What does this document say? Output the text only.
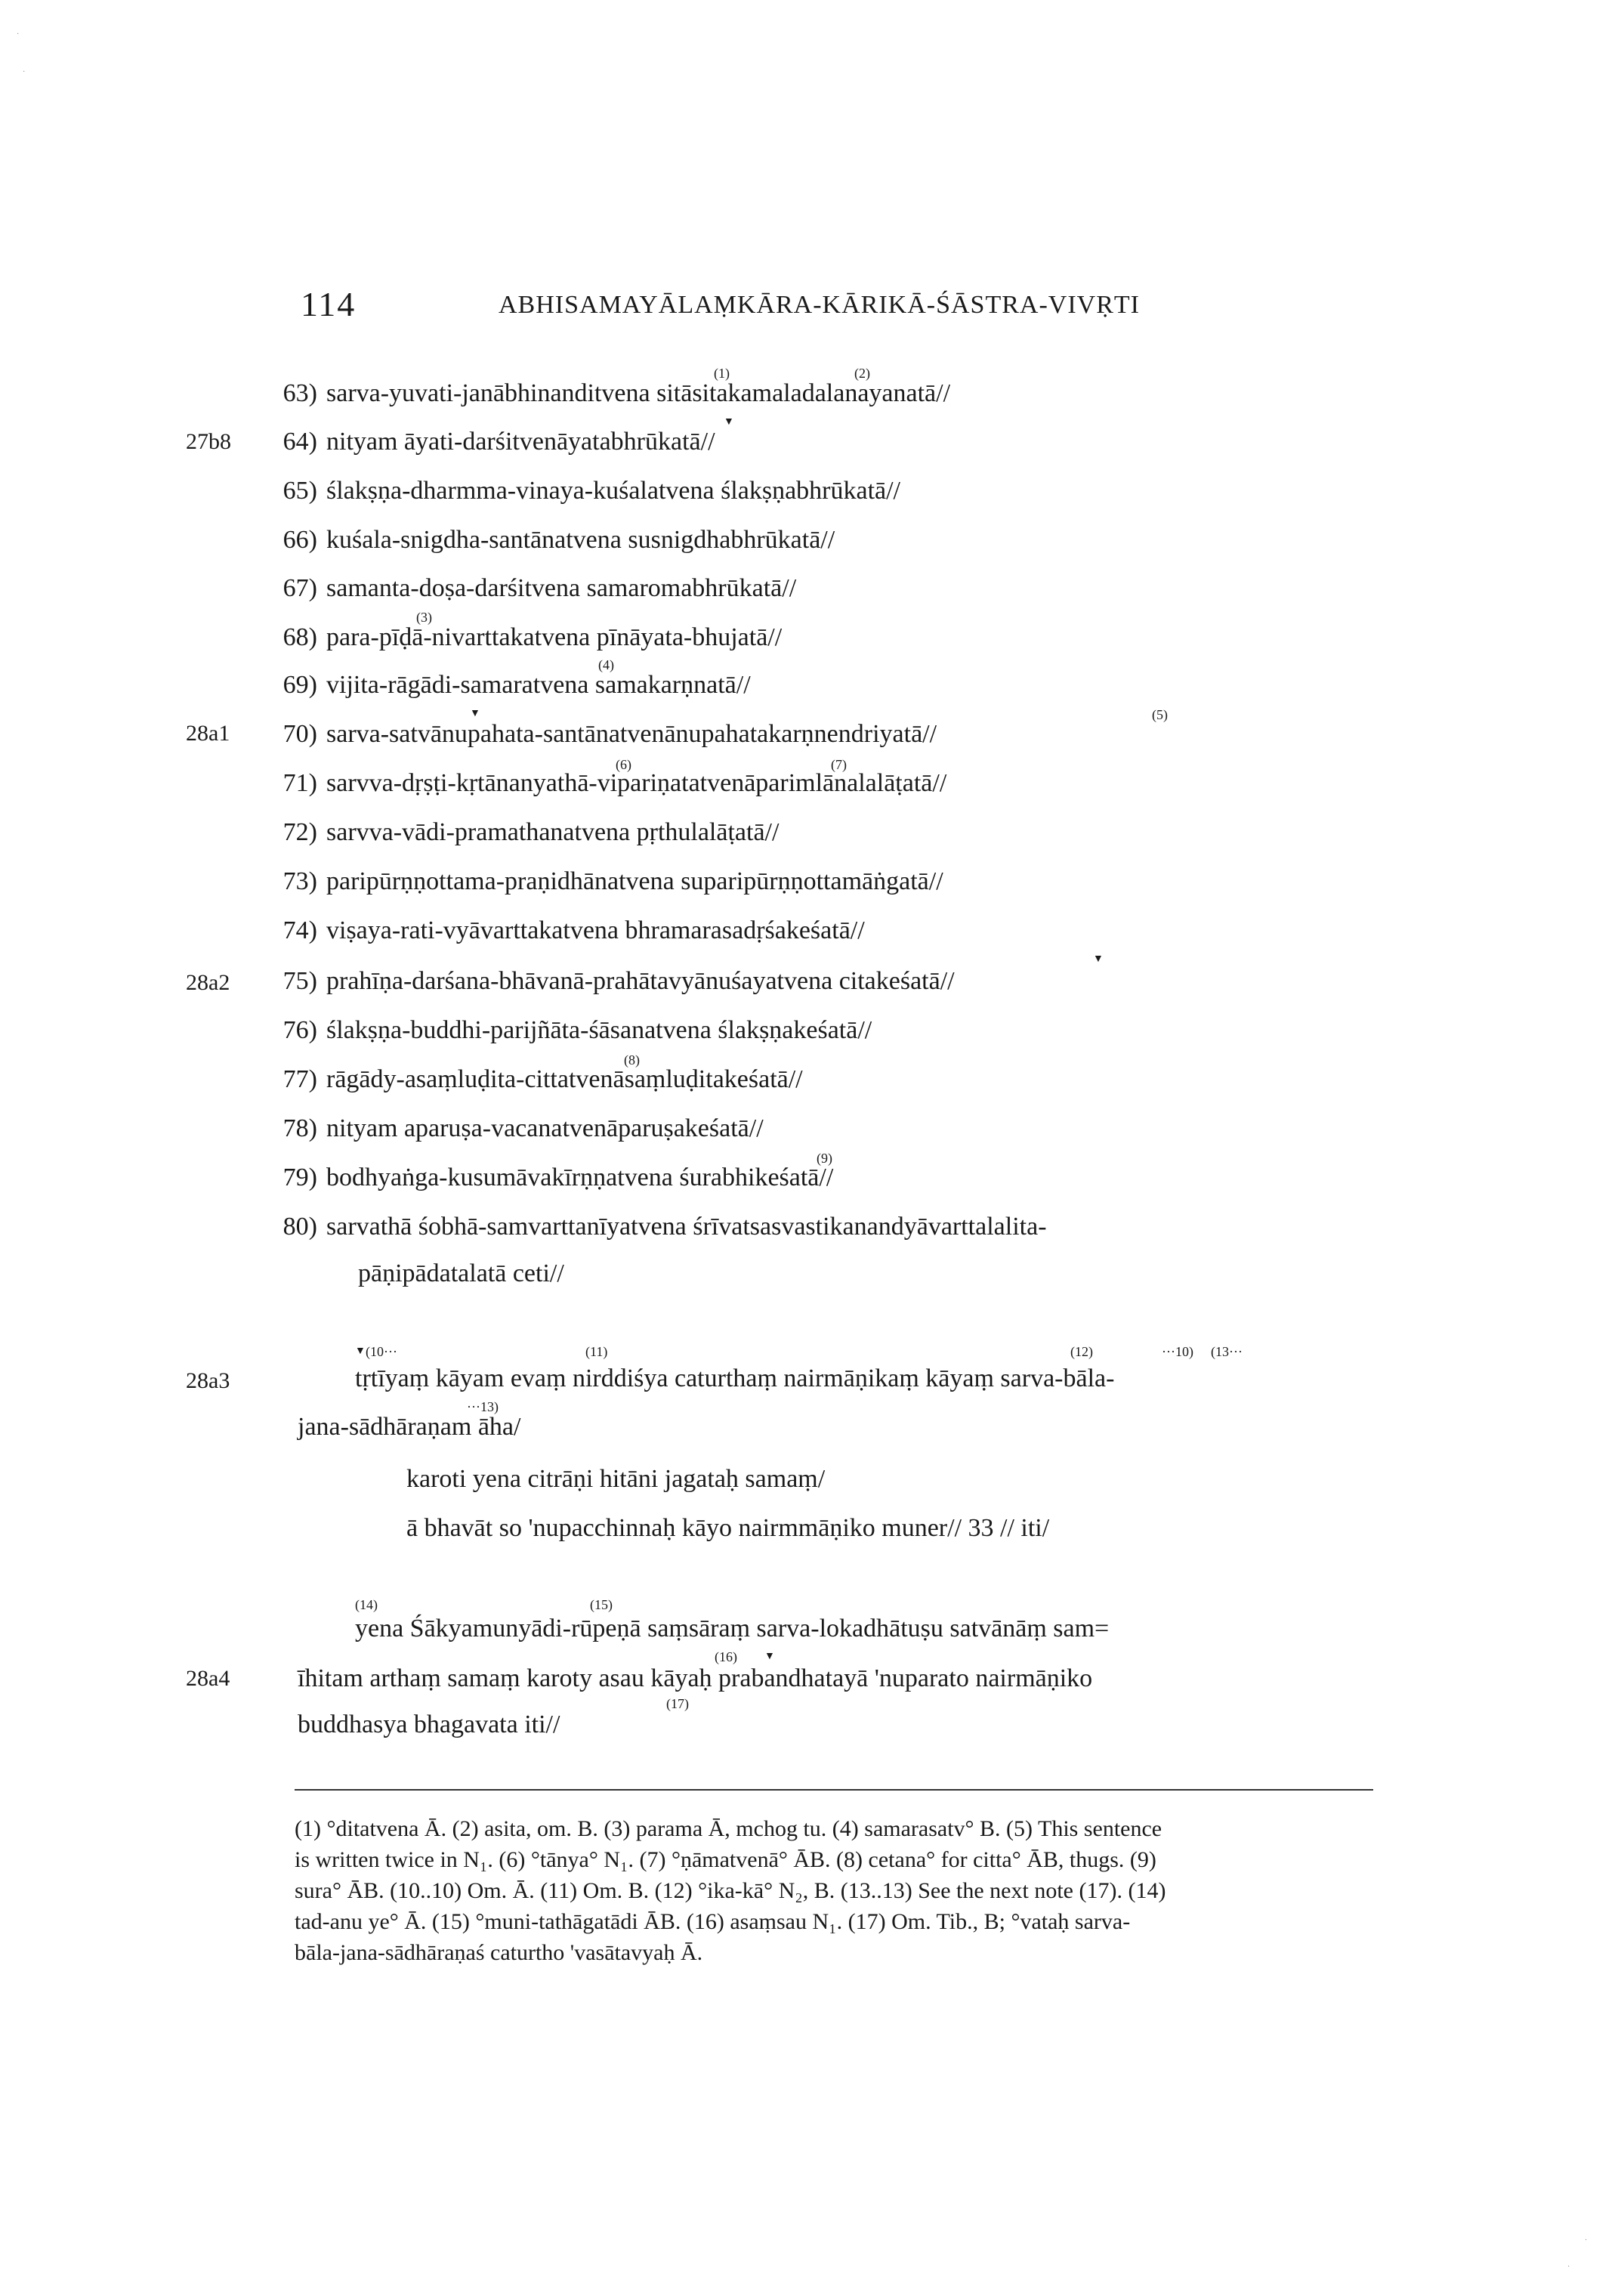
114	ABHISAMAYĀLAṂKĀRA-KĀRIKĀ-ŚĀSTRA-VIVṚTI
27b8
28a1
28a2
28a3
28a4
63) sarva-yuvati-janābhinanditvena sitāsitakamaladalanayanatā//
64) nityam āyati-darśitvenāyatabhrūkatā//
65) ślakṣṇa-dharmma-vinaya-kuśalatvena ślakṣṇabhrūkatā//
66) kuśala-snigdha-santānatvena susnigdhabhrūkatā//
67) samanta-doṣa-darśitvena samaromabhrūkatā//
68) para-pīḍā-nivarttakatvena pīnāyata-bhujatā//
69) vijita-rāgādi-samaratvena samakarṇnatā//
70) sarva-satvānupahata-santānatvenānupahatakarṇnendriyatā//
71) sarvva-dṛṣṭi-kṛtānanyathā-vipariṇatatvenāparimlānalalāṭatā//
72) sarvva-vādi-pramathanatvena pṛthulalāṭatā//
73) paripūrṇṇottama-praṇidhānatvena suparipūrṇṇottamāṅgatā//
74) viṣaya-rati-vyāvarttakatvena bhramarasadṛśakeśatā//
75) prahīṇa-darśana-bhāvanā-prahātavyānuśayatvena citakeśatā//
76) ślakṣṇa-buddhi-parijñāta-śāsanatvena ślakṣṇakeśatā//
77) rāgādy-asaṃluḍita-cittatvenāsaṃluḍitakeśatā//
78) nityam aparuṣa-vacanatvenāparuṣakeśatā//
79) bodhyaṅga-kusumāvakīrṇṇatvena śurabhikeśatā//
80) sarvathā śobhā-samvarttanīyatvena śrīvatsasvastikanandyāvarttalalita-
pāṇipādatalatā ceti//
(1)	(2)
▼
(3)
(4)
▼	(5)
(6)	(7)
▼
(8)
(9)
▼ (10···	(11)	(12)	···10) (13···
tṛtīyaṃ kāyam evaṃ nirddiśya caturthaṃ nairmāṇikaṃ kāyaṃ sarva-bāla-
···13)
jana-sādhāraṇam āha/
karoti yena citrāṇi hitāni jagataḥ samaṃ/
ā bhavāt so 'nupacchinnaḥ kāyo nairmmāṇiko muner// 33 // iti/
(14)	(15)
yena Śākyamunyādi-rūpeṇā saṃsāraṃ sarva-lokadhātuṣu satvānāṃ sam=
(16)	▼
īhitam arthaṃ samaṃ karoty asau kāyaḥ prabandhatayā 'nuparato nairmāṇiko
(17)
buddhasya bhagavata iti//
(1) °ditatvena Ā. (2) asita, om. B. (3) parama Ā, mchog tu. (4) samarasatv° B. (5) This sentence
is written twice in N₁. (6) °tānya° N₁. (7) °ṇāmatvenā° ĀB. (8) cetana° for citta° ĀB, thugs. (9)
sura° ĀB. (10..10) Om. Ā. (11) Om. B. (12) °ika-kā° N₂, B. (13..13) See the next note (17). (14)
tad-anu ye° Ā. (15) °muni-tathāgatādi ĀB. (16) asaṃsau N₁. (17) Om. Tib., B; °vataḥ sarva-
bāla-jana-sādhāraṇaś caturtho 'vasātavyaḥ Ā.
·
·
·
·
